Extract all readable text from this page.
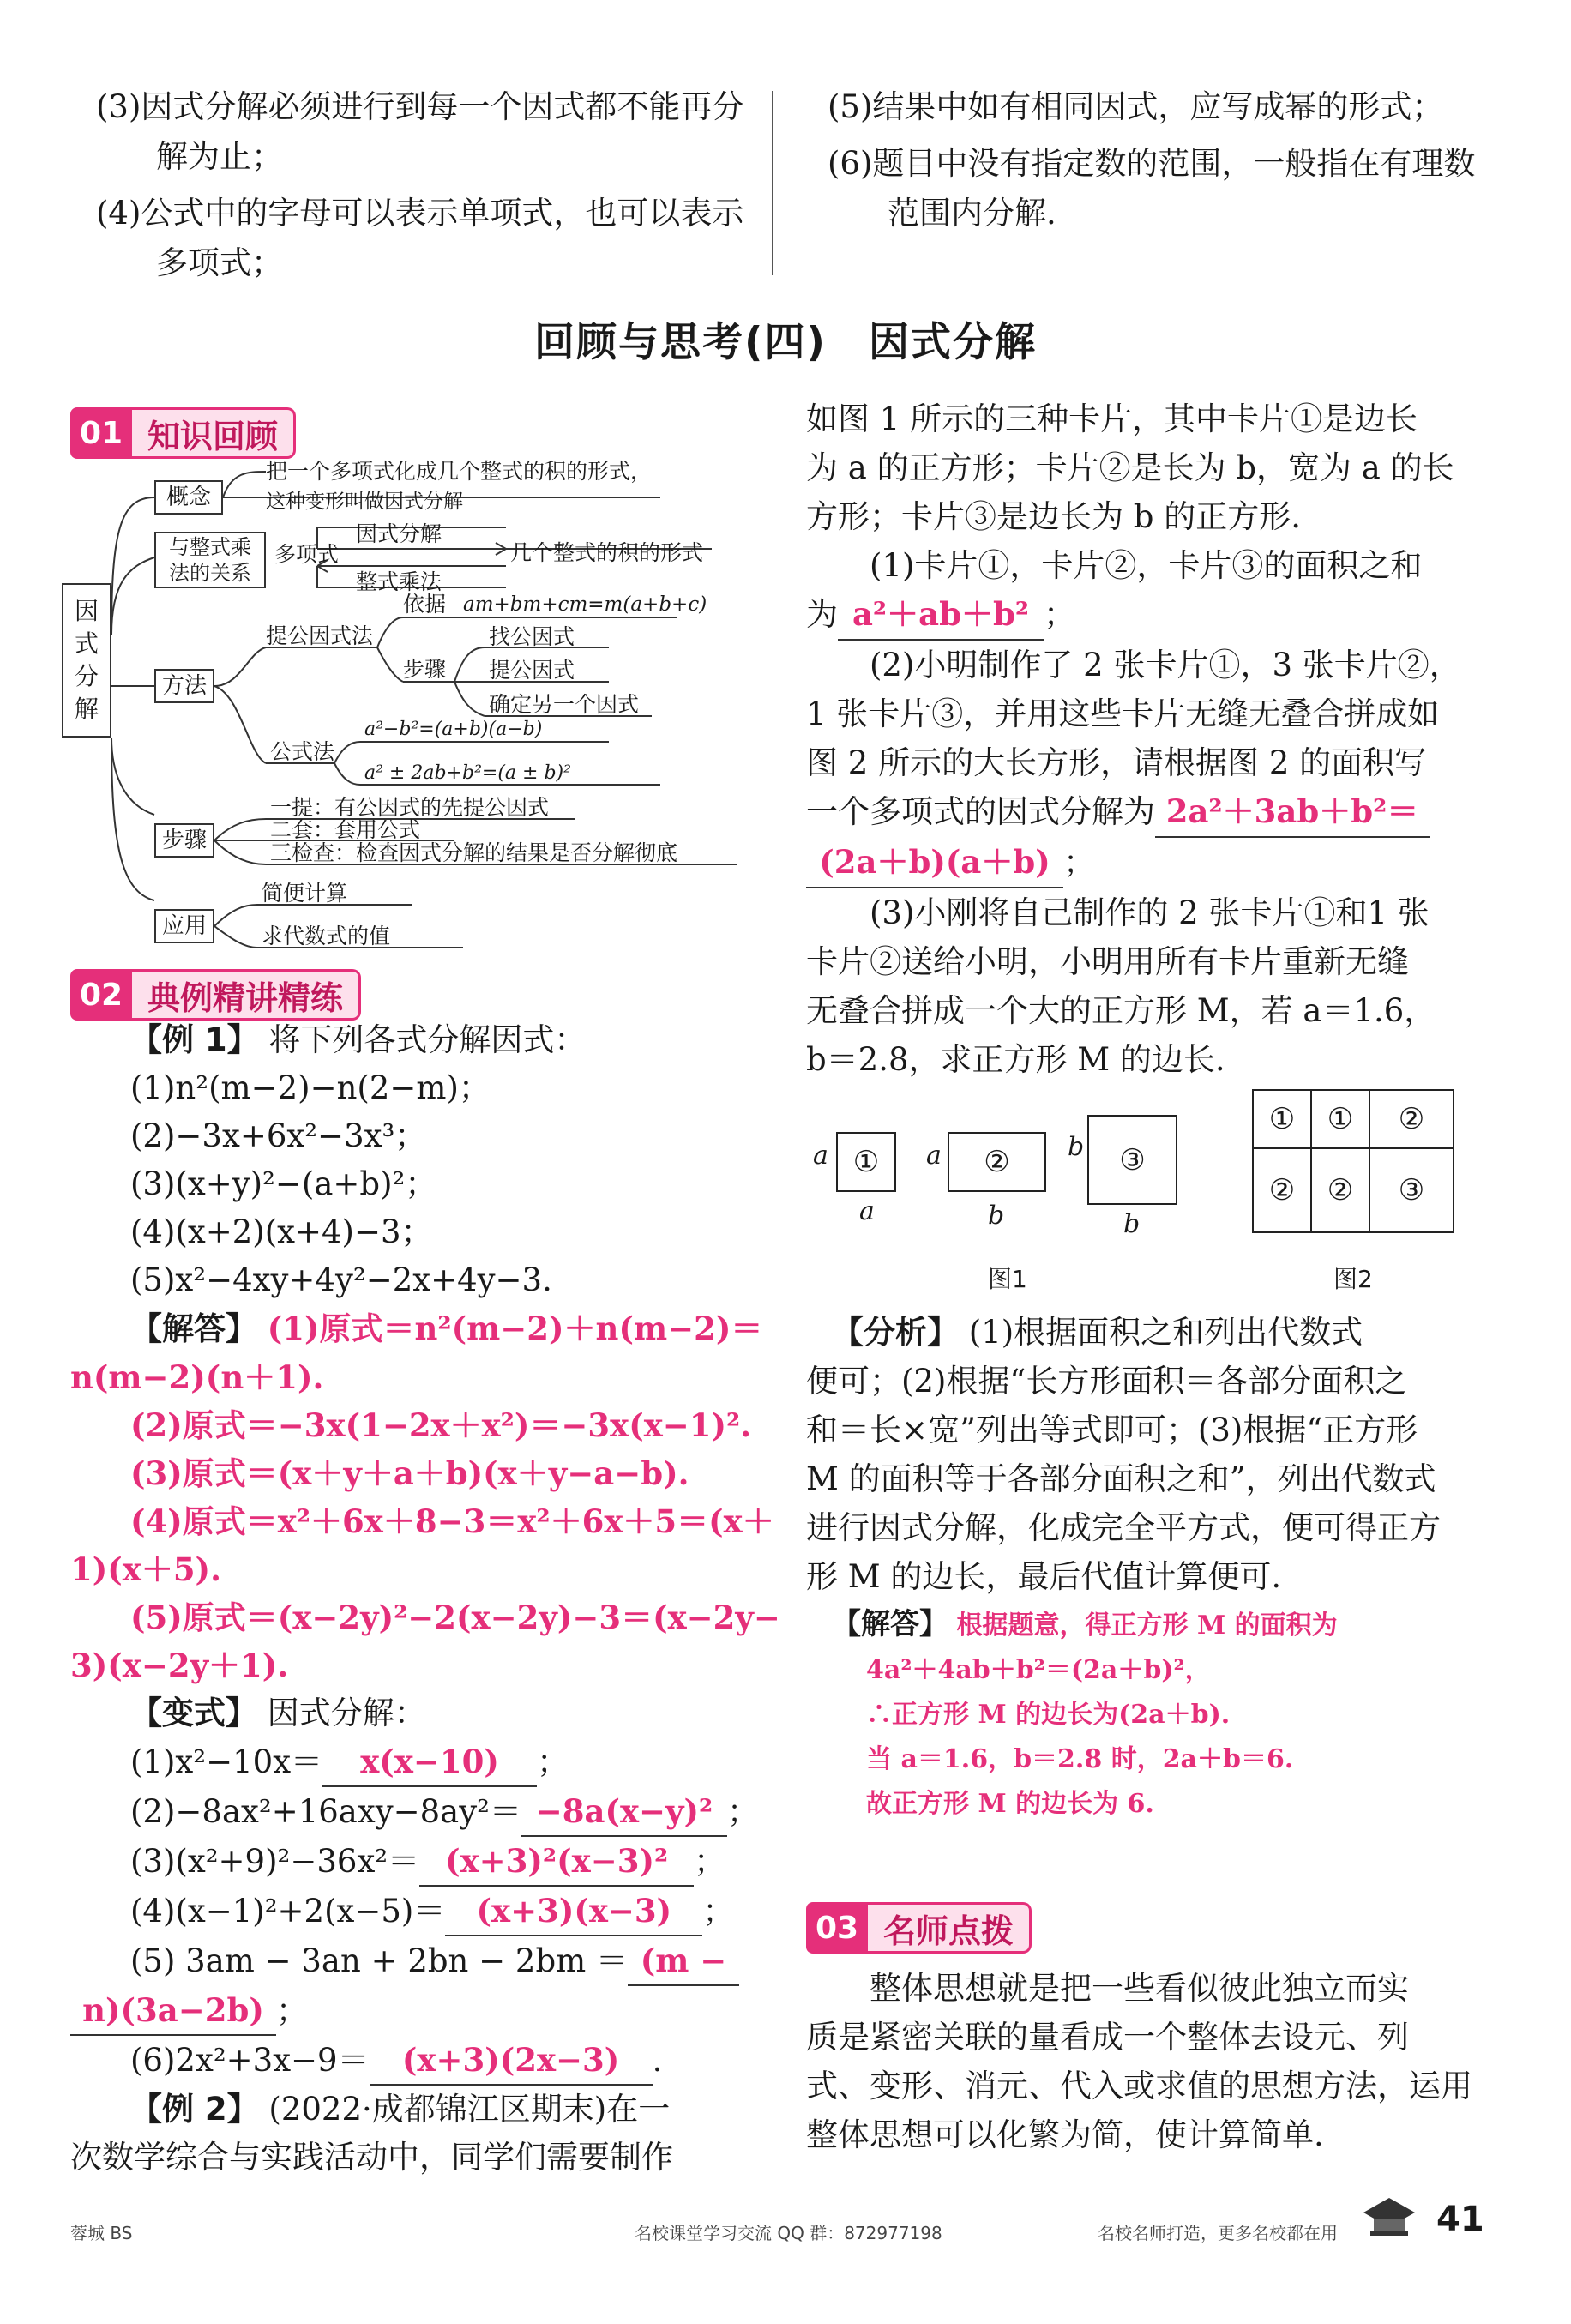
(3)因式分解必须进行到每一个因式都不能再分解为止；
(4)公式中的字母可以表示单项式，也可以表示多项式；
(5)结果中如有相同因式，应写成幂的形式；
(6)题目中没有指定数的范围，一般指在有理数范围内分解.
回顾与思考(四)　因式分解
01 知识回顾
因式分解
概念
把一个多项式化成几个整式的积的形式，
这种变形叫做因式分解
与整式乘法的关系
多项式
因式分解
整式乘法
几个整式的积的形式
方法
提公因式法
依据 am+bm+cm=m(a+b+c)
步骤
找公因式
提公因式
确定另一个因式
公式法
a²−b²=(a+b)(a−b)
a² ± 2ab+b²=(a ± b)²
步骤
一提：有公因式的先提公因式
二套：套用公式
三检查：检查因式分解的结果是否分解彻底
应用
简便计算
求代数式的值
02 典例精讲精练
【例 1】 将下列各式分解因式：
(1)n²(m−2)−n(2−m)；
(2)−3x+6x²−3x³；
(3)(x+y)²−(a+b)²；
(4)(x+2)(x+4)−3；
(5)x²−4xy+4y²−2x+4y−3.
【解答】 (1)原式＝n²(m−2)＋n(m−2)＝
n(m−2)(n＋1).
(2)原式＝−3x(1−2x＋x²)＝−3x(x−1)².
(3)原式＝(x＋y＋a＋b)(x＋y−a−b).
(4)原式＝x²＋6x＋8−3＝x²＋6x＋5＝(x＋
1)(x＋5).
(5)原式＝(x−2y)²−2(x−2y)−3＝(x−2y−
3)(x−2y＋1).
【变式】 因式分解：
(1)x²−10x＝ x(x−10) ；
(2)−8ax²+16axy−8ay²＝ −8a(x−y)² ；
(3)(x²+9)²−36x²＝ (x+3)²(x−3)² ；
(4)(x−1)²+2(x−5)＝ (x+3)(x−3) ；
(5) 3am − 3an + 2bn − 2bm ＝ (m −
n)(3a−2b) ；
(6)2x²+3x−9＝ (x+3)(2x−3) .
【例 2】 (2022·成都锦江区期末)在一
次数学综合与实践活动中，同学们需要制作
如图 1 所示的三种卡片，其中卡片①是边长
为 a 的正方形；卡片②是长为 b，宽为 a 的长
方形；卡片③是边长为 b 的正方形.
(1)卡片①，卡片②，卡片③的面积之和
为 a²＋ab＋b² ；
(2)小明制作了 2 张卡片①，3 张卡片②，
1 张卡片③，并用这些卡片无缝无叠合拼成如
图 2 所示的大长方形，请根据图 2 的面积写
一个多项式的因式分解为 2a²＋3ab＋b²＝
(2a＋b)(a＋b) ；
(3)小刚将自己制作的 2 张卡片①和1 张
卡片②送给小明，小明用所有卡片重新无缝
无叠合拼成一个大的正方形 M，若 a＝1.6，
b＝2.8，求正方形 M 的边长.
a ①
a
a	②
b
b	③
b
图1
①	①	②
②	②	③
图2
【分析】 (1)根据面积之和列出代数式
便可；(2)根据“长方形面积＝各部分面积之
和＝长×宽”列出等式即可；(3)根据“正方形
M 的面积等于各部分面积之和”，列出代数式
进行因式分解，化成完全平方式，便可得正方
形 M 的边长，最后代值计算便可.
【解答】 根据题意，得正方形 M 的面积为
4a²＋4ab＋b²＝(2a＋b)²，
∴正方形 M 的边长为(2a＋b).
当 a＝1.6，b＝2.8 时，2a＋b＝6.
故正方形 M 的边长为 6.
03 名师点拨
整体思想就是把一些看似彼此独立而实
质是紧密关联的量看成一个整体去设元、列
式、变形、消元、代入或求值的思想方法，运用
整体思想可以化繁为简，使计算简单.
蓉城 BS	名校课堂学习交流 QQ 群：872977198	名校名师打造，更多名校都在用	41
